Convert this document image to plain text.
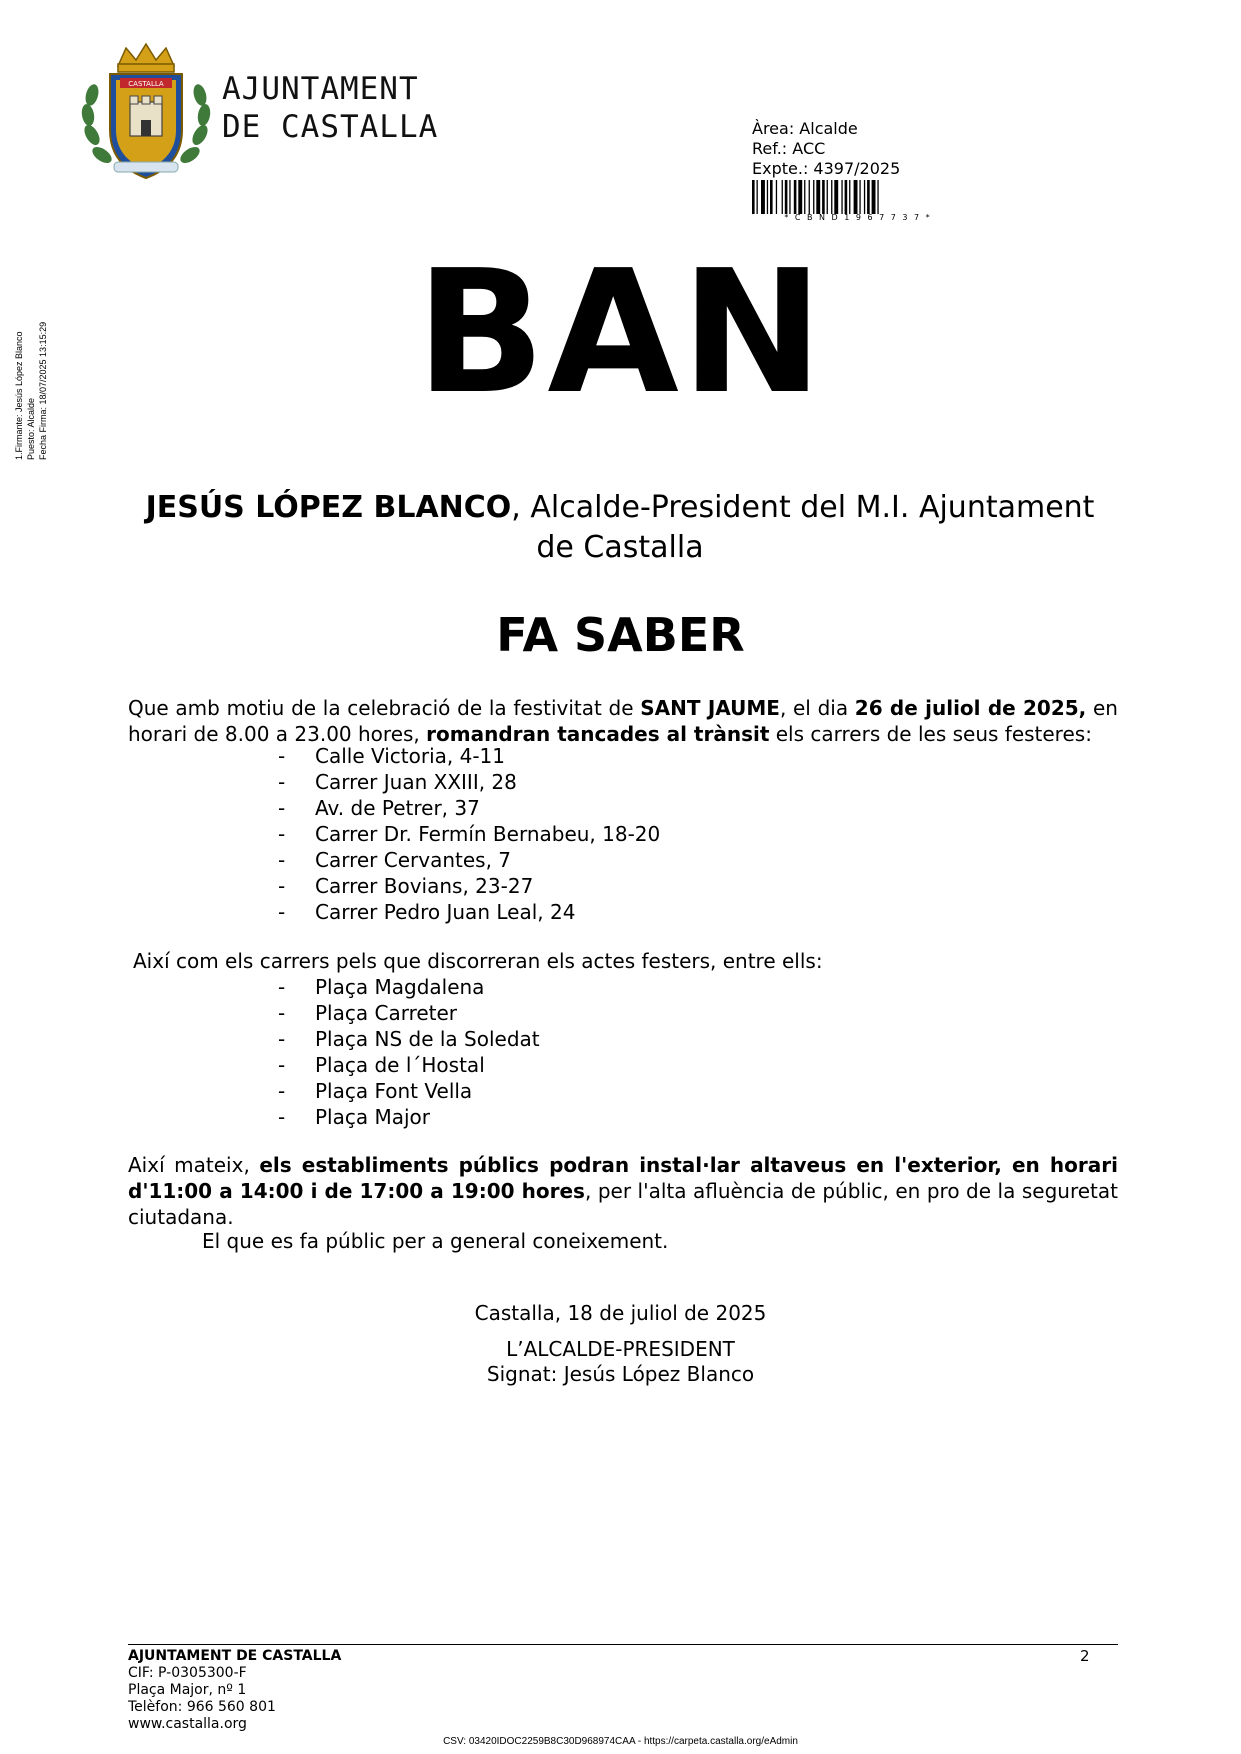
CASTALLA AJUNTAMENT
DE CASTALLA	Àrea: Alcalde
Ref.: ACC
Expte.: 4397/2025
* C B N D 1 9 6 7 7 3 7 *
1.Firmante: Jesús López Blanco Puesto: Alcalde Fecha Firma: 18/07/2025 13:15:29	BAN
JESÚS LÓPEZ BLANCO, Alcalde-President del M.I. Ajuntament de Castalla
FA SABER
Que amb motiu de la celebració de la festivitat de SANT JAUME, el dia 26 de juliol de 2025, en horari de 8.00 a 23.00 hores, romandran tancades al trànsit els carrers de les seus festeres:
- Calle Victoria, 4-11
- Carrer Juan XXIII, 28
- Av. de Petrer, 37
- Carrer Dr. Fermín Bernabeu, 18-20
- Carrer Cervantes, 7
- Carrer Bovians, 23-27
- Carrer Pedro Juan Leal, 24
Així com els carrers pels que discorreran els actes festers, entre ells:
- Plaça Magdalena
- Plaça Carreter
- Plaça NS de la Soledat
- Plaça de l´Hostal
- Plaça Font Vella
- Plaça Major
Així mateix, els establiments públics podran instal·lar altaveus en l'exterior, en horari d'11:00 a 14:00 i de 17:00 a 19:00 hores, per l'alta afluència de públic, en pro de la seguretat ciutadana.
El que es fa públic per a general coneixement.
Castalla, 18 de juliol de 2025
L’ALCALDE-PRESIDENT
Signat: Jesús López Blanco
AJUNTAMENT DE CASTALLA
CIF: P-0305300-F
Plaça Major, nº 1
Telèfon: 966 560 801
www.castalla.org
2
CSV: 03420IDOC2259B8C30D968974CAA - https://carpeta.castalla.org/eAdmin
